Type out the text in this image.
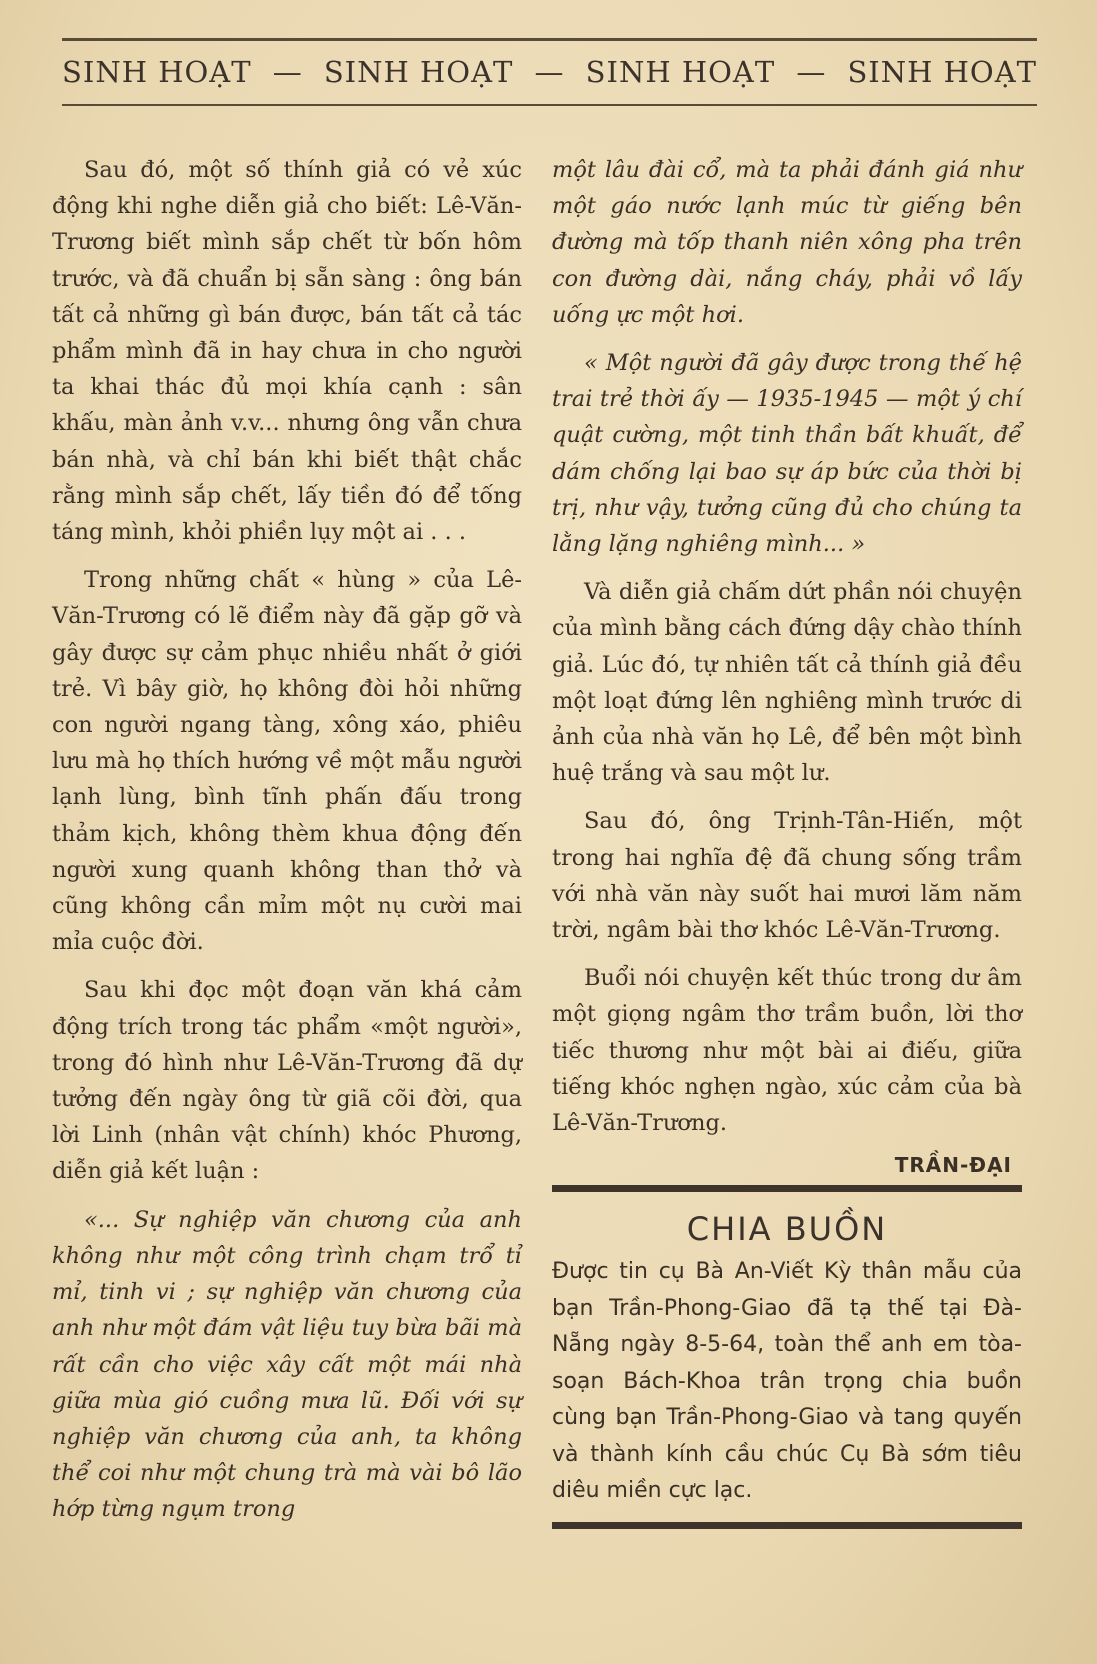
SINH HOẠT — SINH HOẠT — SINH HOẠT — SINH HOẠT

Sau đó, một số thính giả có vẻ xúc động khi nghe diễn giả cho biết: Lê-Văn-Trương biết mình sắp chết từ bốn hôm trước, và đã chuẩn bị sẵn sàng : ông bán tất cả những gì bán được, bán tất cả tác phẩm mình đã in hay chưa in cho người ta khai thác đủ mọi khía cạnh : sân khấu, màn ảnh v.v... nhưng ông vẫn chưa bán nhà, và chỉ bán khi biết thật chắc rằng mình sắp chết, lấy tiền đó để tống táng mình, khỏi phiền lụy một ai . . .

Trong những chất « hùng » của Lê-Văn-Trương có lẽ điểm này đã gặp gỡ và gây được sự cảm phục nhiều nhất ở giới trẻ. Vì bây giờ, họ không đòi hỏi những con người ngang tàng, xông xáo, phiêu lưu mà họ thích hướng về một mẫu người lạnh lùng, bình tĩnh phấn đấu trong thảm kịch, không thèm khua động đến người xung quanh không than thở và cũng không cần mỉm một nụ cười mai mỉa cuộc đời.

Sau khi đọc một đoạn văn khá cảm động trích trong tác phẩm «một người», trong đó hình như Lê-Văn-Trương đã dự tưởng đến ngày ông từ giã cõi đời, qua lời Linh (nhân vật chính) khóc Phương, diễn giả kết luận :

«... Sự nghiệp văn chương của anh không như một công trình chạm trổ tỉ mỉ, tinh vi ; sự nghiệp văn chương của anh như một đám vật liệu tuy bừa bãi mà rất cần cho việc xây cất một mái nhà giữa mùa gió cuồng mưa lũ. Đối với sự nghiệp văn chương của anh, ta không thể coi như một chung trà mà vài bô lão hớp từng ngụm trong

một lâu đài cổ, mà ta phải đánh giá như một gáo nước lạnh múc từ giếng bên đường mà tốp thanh niên xông pha trên con đường dài, nắng cháy, phải vồ lấy uống ực một hơi.

« Một người đã gây được trong thế hệ trai trẻ thời ấy — 1935-1945 — một ý chí quật cường, một tinh thần bất khuất, để dám chống lại bao sự áp bức của thời bị trị, như vậy, tưởng cũng đủ cho chúng ta lằng lặng nghiêng mình... »

Và diễn giả chấm dứt phần nói chuyện của mình bằng cách đứng dậy chào thính giả. Lúc đó, tự nhiên tất cả thính giả đều một loạt đứng lên nghiêng mình trước di ảnh của nhà văn họ Lê, để bên một bình huệ trắng và sau một lư.

Sau đó, ông Trịnh-Tân-Hiến, một trong hai nghĩa đệ đã chung sống trầm với nhà văn này suốt hai mươi lăm năm trời, ngâm bài thơ khóc Lê-Văn-Trương.

Buổi nói chuyện kết thúc trong dư âm một giọng ngâm thơ trầm buồn, lời thơ tiếc thương như một bài ai điếu, giữa tiếng khóc nghẹn ngào, xúc cảm của bà Lê-Văn-Trương.

TRẦN-ĐẠI
CHIA BUỒN

Được tin cụ Bà An-Viết Kỳ thân mẫu của bạn Trần-Phong-Giao đã tạ thế tại Đà-Nẵng ngày 8-5-64, toàn thể anh em tòa-soạn Bách-Khoa trân trọng chia buồn cùng bạn Trần-Phong-Giao và tang quyến và thành kính cầu chúc Cụ Bà sớm tiêu diêu miền cực lạc.
